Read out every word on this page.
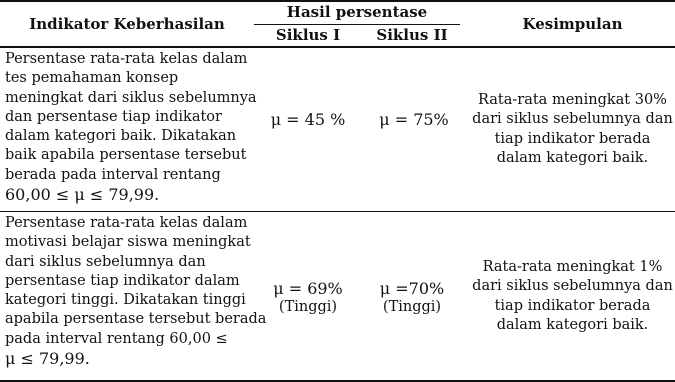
Indikator Keberhasilan
Hasil persentase
Siklus I	Siklus II
Kesimpulan
Persentase rata-rata kelas dalam
tes pemahaman konsep
meningkat dari siklus sebelumnya
dan persentase tiap indikator
dalam kategori baik. Dikatakan
baik apabila persentase tersebut
berada pada interval rentang
60,00 ≤ μ ≤ 79,99.
μ = 45 %	μ = 75%
Rata-rata meningkat 30%
dari siklus sebelumnya dan
tiap indikator berada
dalam kategori baik.
Persentase rata-rata kelas dalam
motivasi belajar siswa meningkat
dari siklus sebelumnya dan
persentase tiap indikator dalam
kategori tinggi. Dikatakan tinggi
apabila persentase tersebut berada
pada interval rentang 60,00 ≤
μ ≤ 79,99.
μ = 69%
(Tinggi)
μ =70%
(Tinggi)
Rata-rata meningkat 1%
dari siklus sebelumnya dan
tiap indikator berada
dalam kategori baik.
